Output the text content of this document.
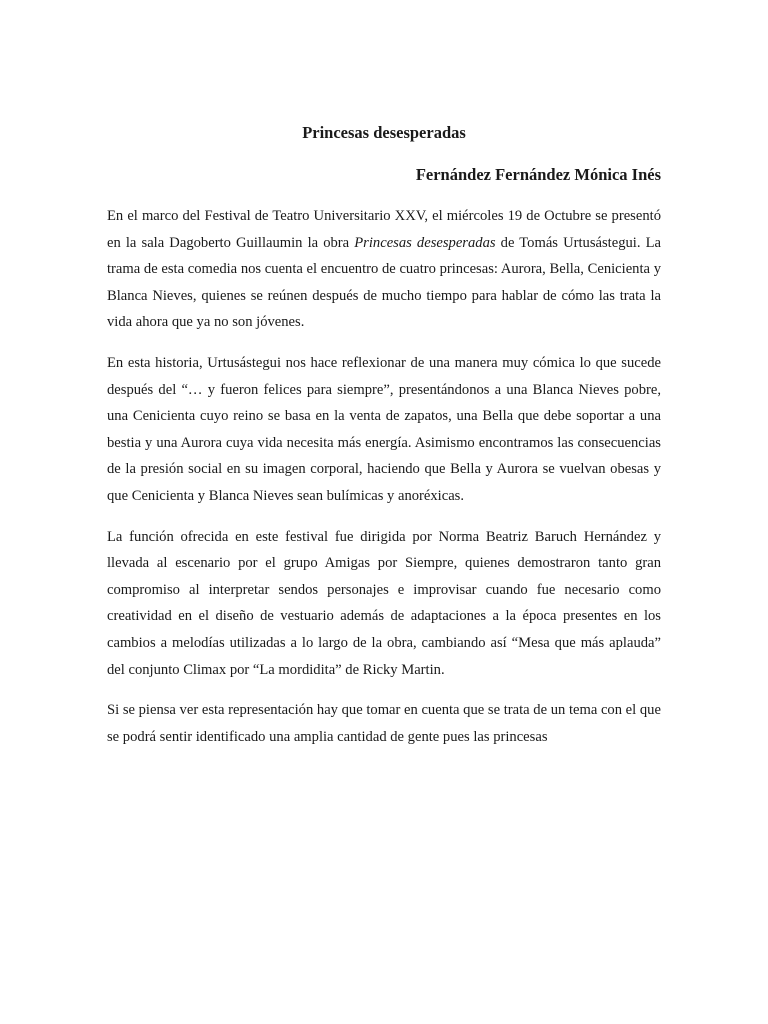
Princesas desesperadas
Fernández Fernández Mónica Inés

En el marco del Festival de Teatro Universitario XXV, el miércoles 19 de Octubre se presentó en la sala Dagoberto Guillaumin la obra Princesas desesperadas de Tomás Urtusástegui. La trama de esta comedia nos cuenta el encuentro de cuatro princesas: Aurora, Bella, Cenicienta y Blanca Nieves, quienes se reúnen después de mucho tiempo para hablar de cómo las trata la vida ahora que ya no son jóvenes.

En esta historia, Urtusástegui nos hace reflexionar de una manera muy cómica lo que sucede después del “… y fueron felices para siempre”, presentándonos a una Blanca Nieves pobre, una Cenicienta cuyo reino se basa en la venta de zapatos, una Bella que debe soportar a una bestia y una Aurora cuya vida necesita más energía. Asimismo encontramos las consecuencias de la presión social en su imagen corporal, haciendo que Bella y Aurora se vuelvan obesas y que Cenicienta y Blanca Nieves sean bulímicas y anoréxicas.

La función ofrecida en este festival fue dirigida por Norma Beatriz Baruch Hernández y llevada al escenario por el grupo Amigas por Siempre, quienes demostraron tanto gran compromiso al interpretar sendos personajes e improvisar cuando fue necesario como creatividad en el diseño de vestuario además de adaptaciones a la época presentes en los cambios a melodías utilizadas a lo largo de la obra, cambiando así “Mesa que más aplauda” del conjunto Climax por “La mordidita” de Ricky Martin.

Si se piensa ver esta representación hay que tomar en cuenta que se trata de un tema con el que se podrá sentir identificado una amplia cantidad de gente pues las princesas
